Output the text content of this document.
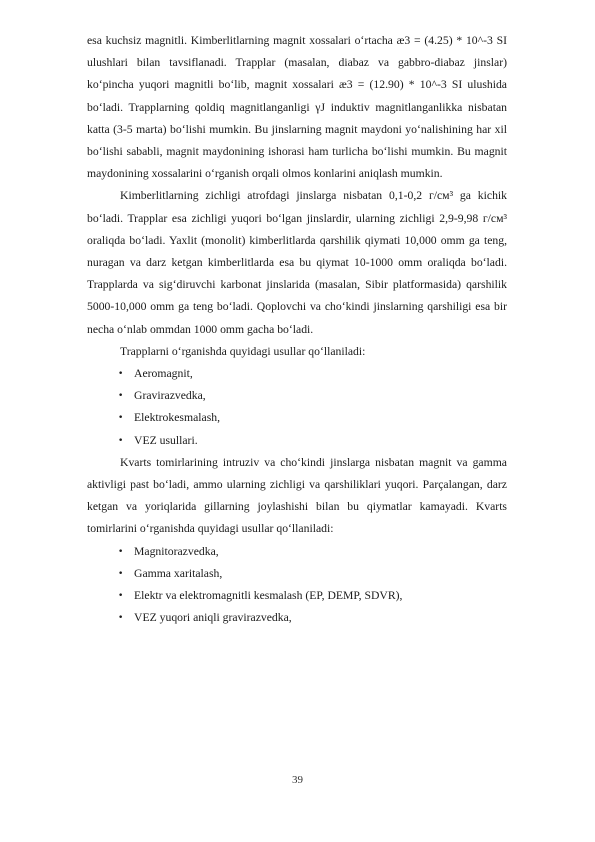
esa kuchsiz magnitli. Kimberlitlarning magnit xossalari o‘rtacha æ3 = (4.25) * 10^-3 SI ulushlari bilan tavsiflanadi. Trapplar (masalan, diabaz va gabbro-diabaz jinslar) ko‘pincha yuqori magnitli bo‘lib, magnit xossalari æ3 = (12.90) * 10^-3 SI ulushida bo‘ladi. Trapplarning qoldiq magnitlanganligi γJ induktiv magnitlanganlikka nisbatan katta (3-5 marta) bo‘lishi mumkin. Bu jinslarning magnit maydoni yo‘nalishining har xil bo‘lishi sababli, magnit maydonining ishorasi ham turlicha bo‘lishi mumkin. Bu magnit maydonining xossalarini o‘rganish orqali olmos konlarini aniqlash mumkin.

Kimberlitlarning zichligi atrofdagi jinslarga nisbatan 0,1-0,2 г/см³ ga kichik bo‘ladi. Trapplar esa zichligi yuqori bo‘lgan jinslardir, ularning zichligi 2,9-9,98 г/см³ oraliqda bo‘ladi. Yaxlit (monolit) kimberlitlarda qarshilik qiymati 10,000 omm ga teng, nuragan va darz ketgan kimberlitlarda esa bu qiymat 10-1000 omm oraliqda bo‘ladi. Trapplarda va sig‘diruvchi karbonat jinslarida (masalan, Sibir platformasida) qarshilik 5000-10,000 omm ga teng bo‘ladi. Qoplovchi va cho‘kindi jinslarning qarshiligi esa bir necha o‘nlab ommdan 1000 omm gacha bo‘ladi.

Trapplarni o‘rganishda quyidagi usullar qo‘llaniladi:

• Aeromagnit,
• Gravirazvedka,
• Elektrokesmalash,
• VEZ usullari.

Kvarts tomirlarining intruziv va cho‘kindi jinslarga nisbatan magnit va gamma aktivligi past bo‘ladi, ammo ularning zichligi va qarshiliklari yuqori. Parçalangan, darz ketgan va yoriqlarida gillarning joylashishi bilan bu qiymatlar kamayadi. Kvarts tomirlarini o‘rganishda quyidagi usullar qo‘llaniladi:

• Magnitorazvedka,
• Gamma xaritalash,
• Elektr va elektromagnitli kesmalash (EP, DEMP, SDVR),
• VEZ yuqori aniqli gravirazvedka,
39
